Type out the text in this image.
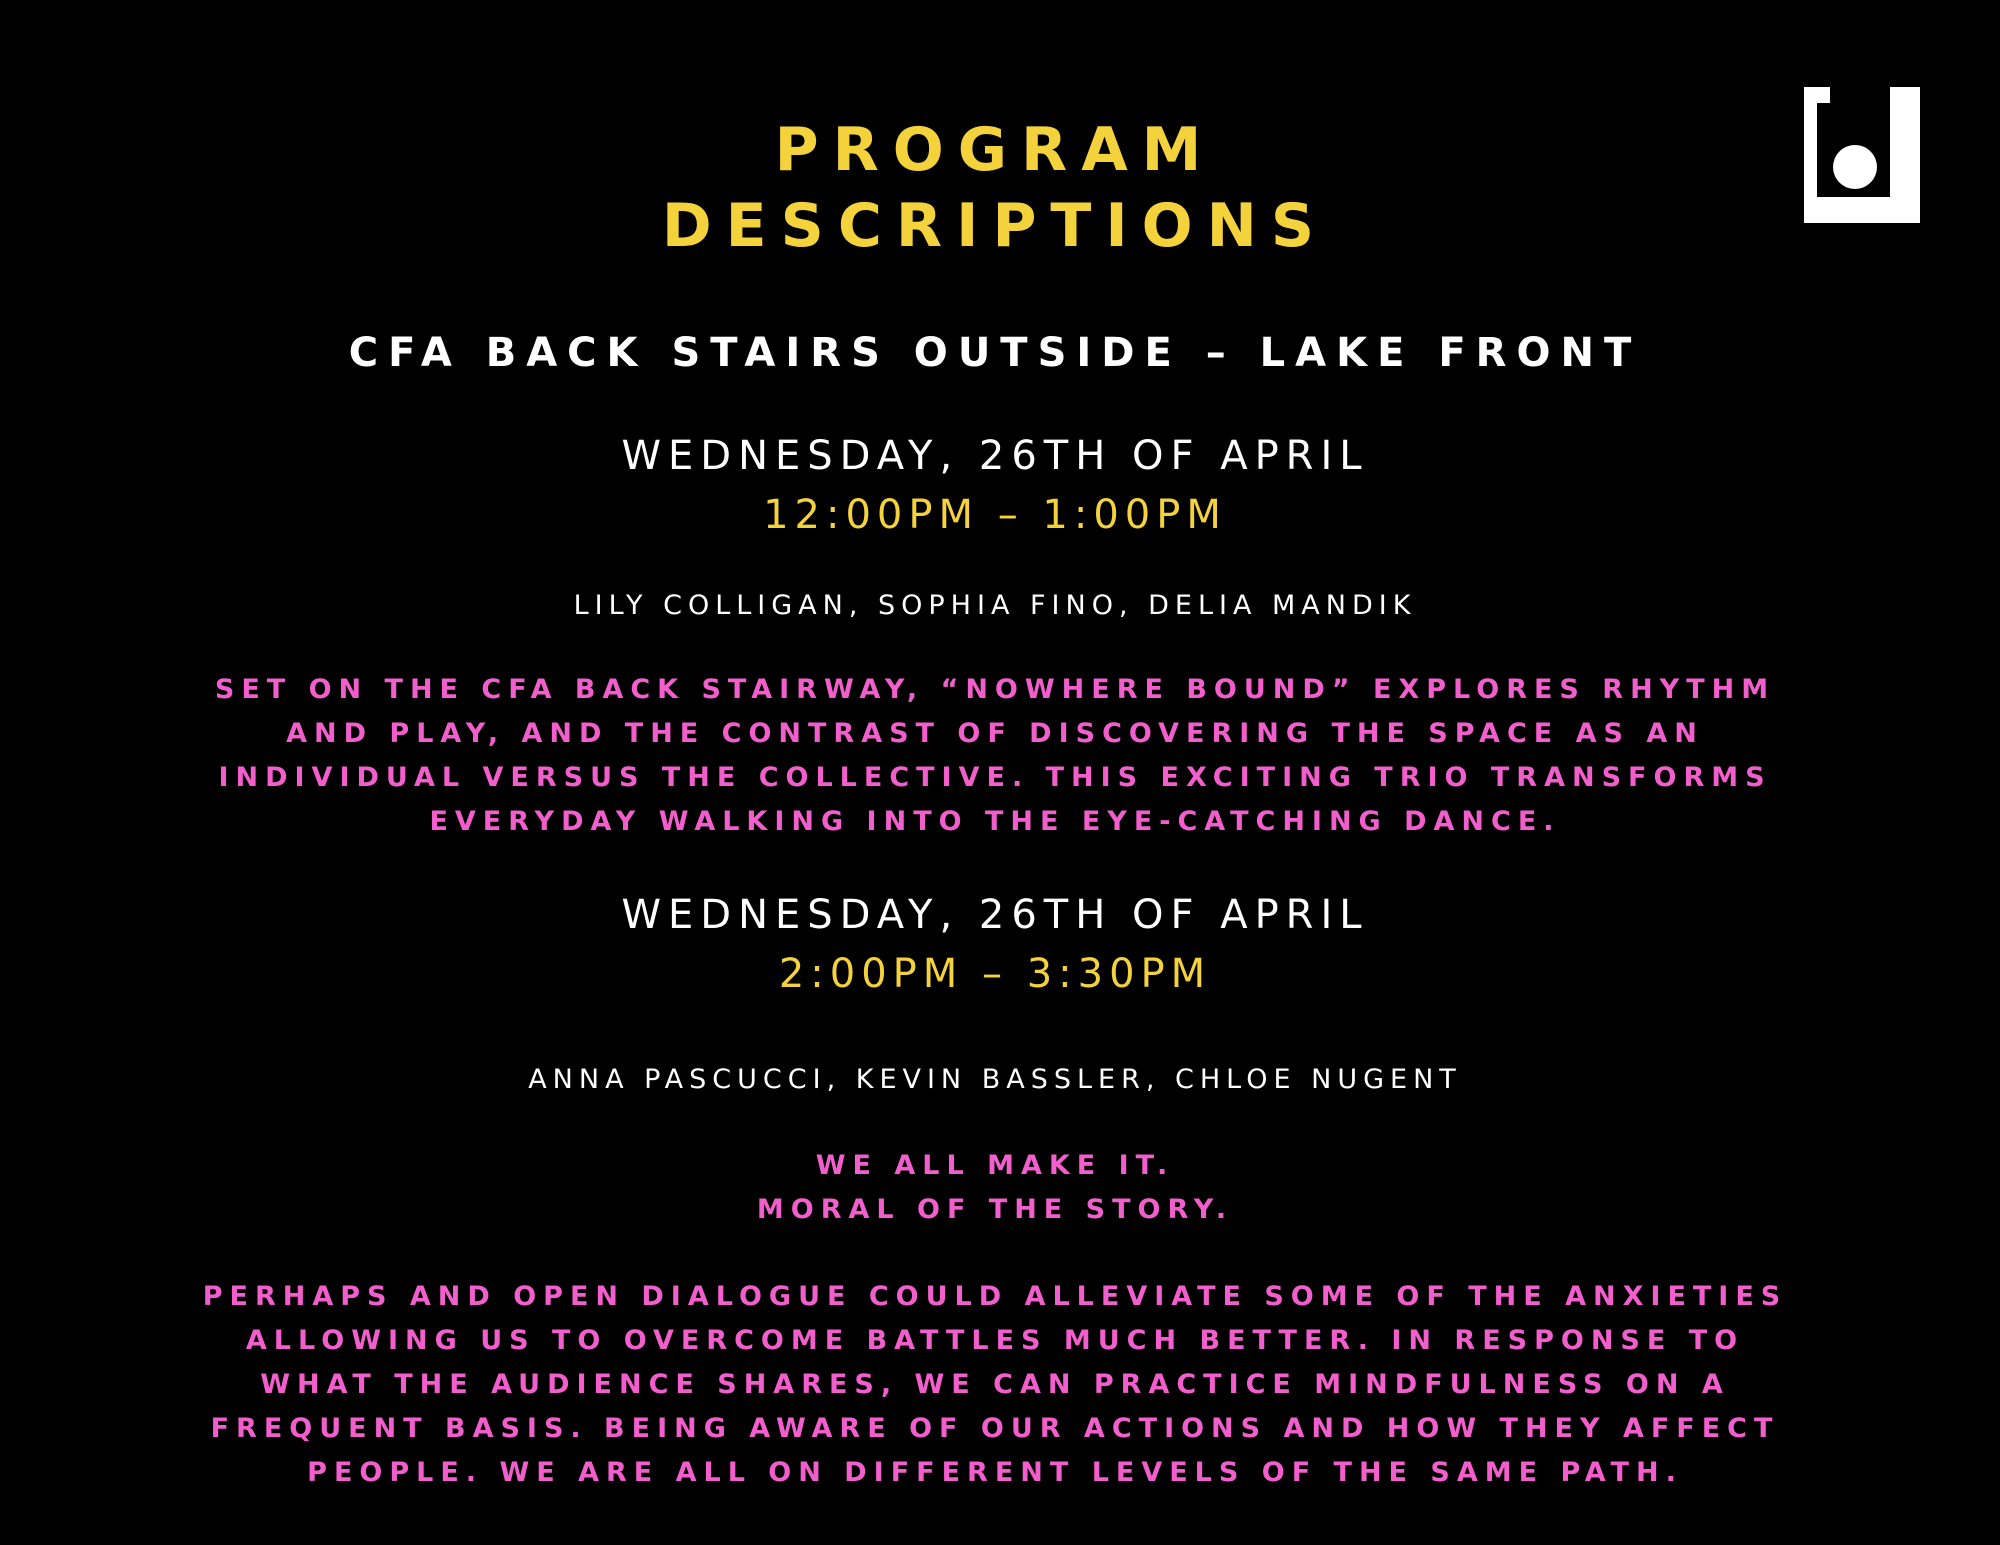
PROGRAM
DESCRIPTIONS
CFA BACK STAIRS OUTSIDE – LAKE FRONT
WEDNESDAY, 26TH OF APRIL
12:00PM – 1:00PM
LILY COLLIGAN, SOPHIA FINO, DELIA MANDIK
SET ON THE CFA BACK STAIRWAY, “NOWHERE BOUND” EXPLORES RHYTHM
AND PLAY, AND THE CONTRAST OF DISCOVERING THE SPACE AS AN
INDIVIDUAL VERSUS THE COLLECTIVE. THIS EXCITING TRIO TRANSFORMS
EVERYDAY WALKING INTO THE EYE-CATCHING DANCE.
WEDNESDAY, 26TH OF APRIL
2:00PM – 3:30PM
ANNA PASCUCCI, KEVIN BASSLER, CHLOE NUGENT
WE ALL MAKE IT.
MORAL OF THE STORY.
PERHAPS AND OPEN DIALOGUE COULD ALLEVIATE SOME OF THE ANXIETIES
ALLOWING US TO OVERCOME BATTLES MUCH BETTER. IN RESPONSE TO
WHAT THE AUDIENCE SHARES, WE CAN PRACTICE MINDFULNESS ON A
FREQUENT BASIS. BEING AWARE OF OUR ACTIONS AND HOW THEY AFFECT
PEOPLE. WE ARE ALL ON DIFFERENT LEVELS OF THE SAME PATH.
